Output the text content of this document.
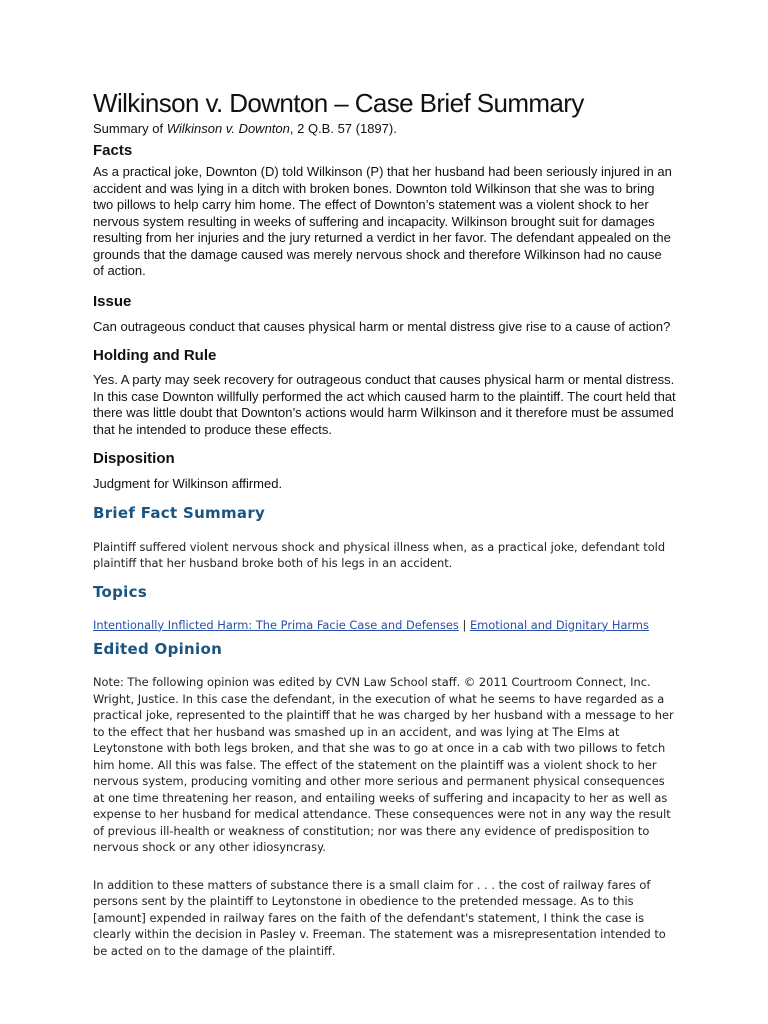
Wilkinson v. Downton – Case Brief Summary

Summary of Wilkinson v. Downton, 2 Q.B. 57 (1897).

Facts

As a practical joke, Downton (D) told Wilkinson (P) that her husband had been seriously injured in an accident and was lying in a ditch with broken bones. Downton told Wilkinson that she was to bring two pillows to help carry him home. The effect of Downton’s statement was a violent shock to her nervous system resulting in weeks of suffering and incapacity. Wilkinson brought suit for damages resulting from her injuries and the jury returned a verdict in her favor. The defendant appealed on the grounds that the damage caused was merely nervous shock and therefore Wilkinson had no cause of action.

Issue

Can outrageous conduct that causes physical harm or mental distress give rise to a cause of action?

Holding and Rule

Yes. A party may seek recovery for outrageous conduct that causes physical harm or mental distress. In this case Downton willfully performed the act which caused harm to the plaintiff. The court held that there was little doubt that Downton’s actions would harm Wilkinson and it therefore must be assumed that he intended to produce these effects.

Disposition

Judgment for Wilkinson affirmed.

Brief Fact Summary

Plaintiff suffered violent nervous shock and physical illness when, as a practical joke, defendant told plaintiff that her husband broke both of his legs in an accident.

Topics

Intentionally Inflicted Harm: The Prima Facie Case and Defenses | Emotional and Dignitary Harms

Edited Opinion

Note: The following opinion was edited by CVN Law School staff. © 2011 Courtroom Connect, Inc. Wright, Justice. In this case the defendant, in the execution of what he seems to have regarded as a practical joke, represented to the plaintiff that he was charged by her husband with a message to her to the effect that her husband was smashed up in an accident, and was lying at The Elms at Leytonstone with both legs broken, and that she was to go at once in a cab with two pillows to fetch him home. All this was false. The effect of the statement on the plaintiff was a violent shock to her nervous system, producing vomiting and other more serious and permanent physical consequences at one time threatening her reason, and entailing weeks of suffering and incapacity to her as well as expense to her husband for medical attendance. These consequences were not in any way the result of previous ill-health or weakness of constitution; nor was there any evidence of predisposition to nervous shock or any other idiosyncrasy.

In addition to these matters of substance there is a small claim for . . . the cost of railway fares of persons sent by the plaintiff to Leytonstone in obedience to the pretended message. As to this [amount] expended in railway fares on the faith of the defendant's statement, I think the case is clearly within the decision in Pasley v. Freeman. The statement was a misrepresentation intended to be acted on to the damage of the plaintiff.
